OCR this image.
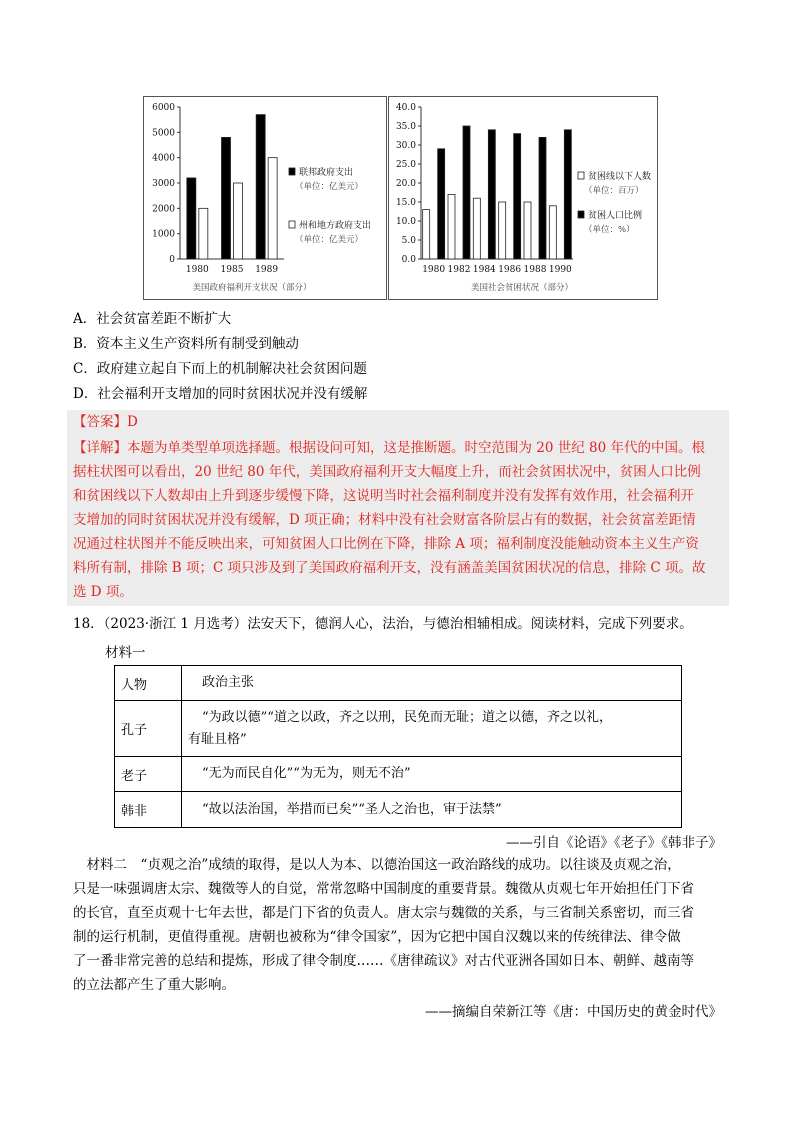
0
1000
2000
3000
4000
5000
6000
1980 1985 1989
美国政府福利开支状况（部分）
联邦政府支出
（单位：亿美元）
州和地方政府支出
（单位：亿美元）
0.0
5.0
10.0
15.0
20.0
25.0
30.0
35.0
40.0
1980 1982 1984 1986 1988 1990
美国社会贫困状况（部分）
贫困线以下人数
（单位：百万）
贫困人口比例
（单位：%）
A．社会贫富差距不断扩大
B．资本主义生产资料所有制受到触动
C．政府建立起自下而上的机制解决社会贫困问题
D．社会福利开支增加的同时贫困状况并没有缓解
【答案】D
【详解】本题为单类型单项选择题。根据设问可知，这是推断题。时空范围为 20 世纪 80 年代的中国。根
据柱状图可以看出，20 世纪 80 年代，美国政府福利开支大幅度上升，而社会贫困状况中，贫困人口比例
和贫困线以下人数却由上升到逐步缓慢下降，这说明当时社会福利制度并没有发挥有效作用，社会福利开
支增加的同时贫困状况并没有缓解，D 项正确；材料中没有社会财富各阶层占有的数据，社会贫富差距情
况通过柱状图并不能反映出来，可知贫困人口比例在下降，排除 A 项；福利制度没能触动资本主义生产资
料所有制，排除 B 项；C 项只涉及到了美国政府福利开支，没有涵盖美国贫困状况的信息，排除 C 项。故
选 D 项。
18．（2023·浙江 1 月选考）法安天下，德润人心，法治，与德治相辅相成。阅读材料，完成下列要求。
材料一
人物	政治主张
孔子	“为政以德”“道之以政，齐之以刑，民免而无耻；道之以德，齐之以礼，
有耻且格”

老子	“无为而民自化”“为无为，则无不治”
韩非	“故以法治国，举措而已矣”“圣人之治也，审于法禁”
——引自《论语》《老子》《韩非子》
　材料二　“贞观之治”成绩的取得，是以人为本、以德治国这一政治路线的成功。以往谈及贞观之治，
只是一味强调唐太宗、魏徵等人的自觉，常常忽略中国制度的重要背景。魏徵从贞观七年开始担任门下省
的长官，直至贞观十七年去世，都是门下省的负责人。唐太宗与魏徵的关系，与三省制关系密切，而三省
制的运行机制，更值得重视。唐朝也被称为“律令国家”，因为它把中国自汉魏以来的传统律法、律令做
了一番非常完善的总结和提炼，形成了律令制度……《唐律疏议》对古代亚洲各国如日本、朝鲜、越南等
的立法都产生了重大影响。
——摘编自荣新江等《唐：中国历史的黄金时代》
